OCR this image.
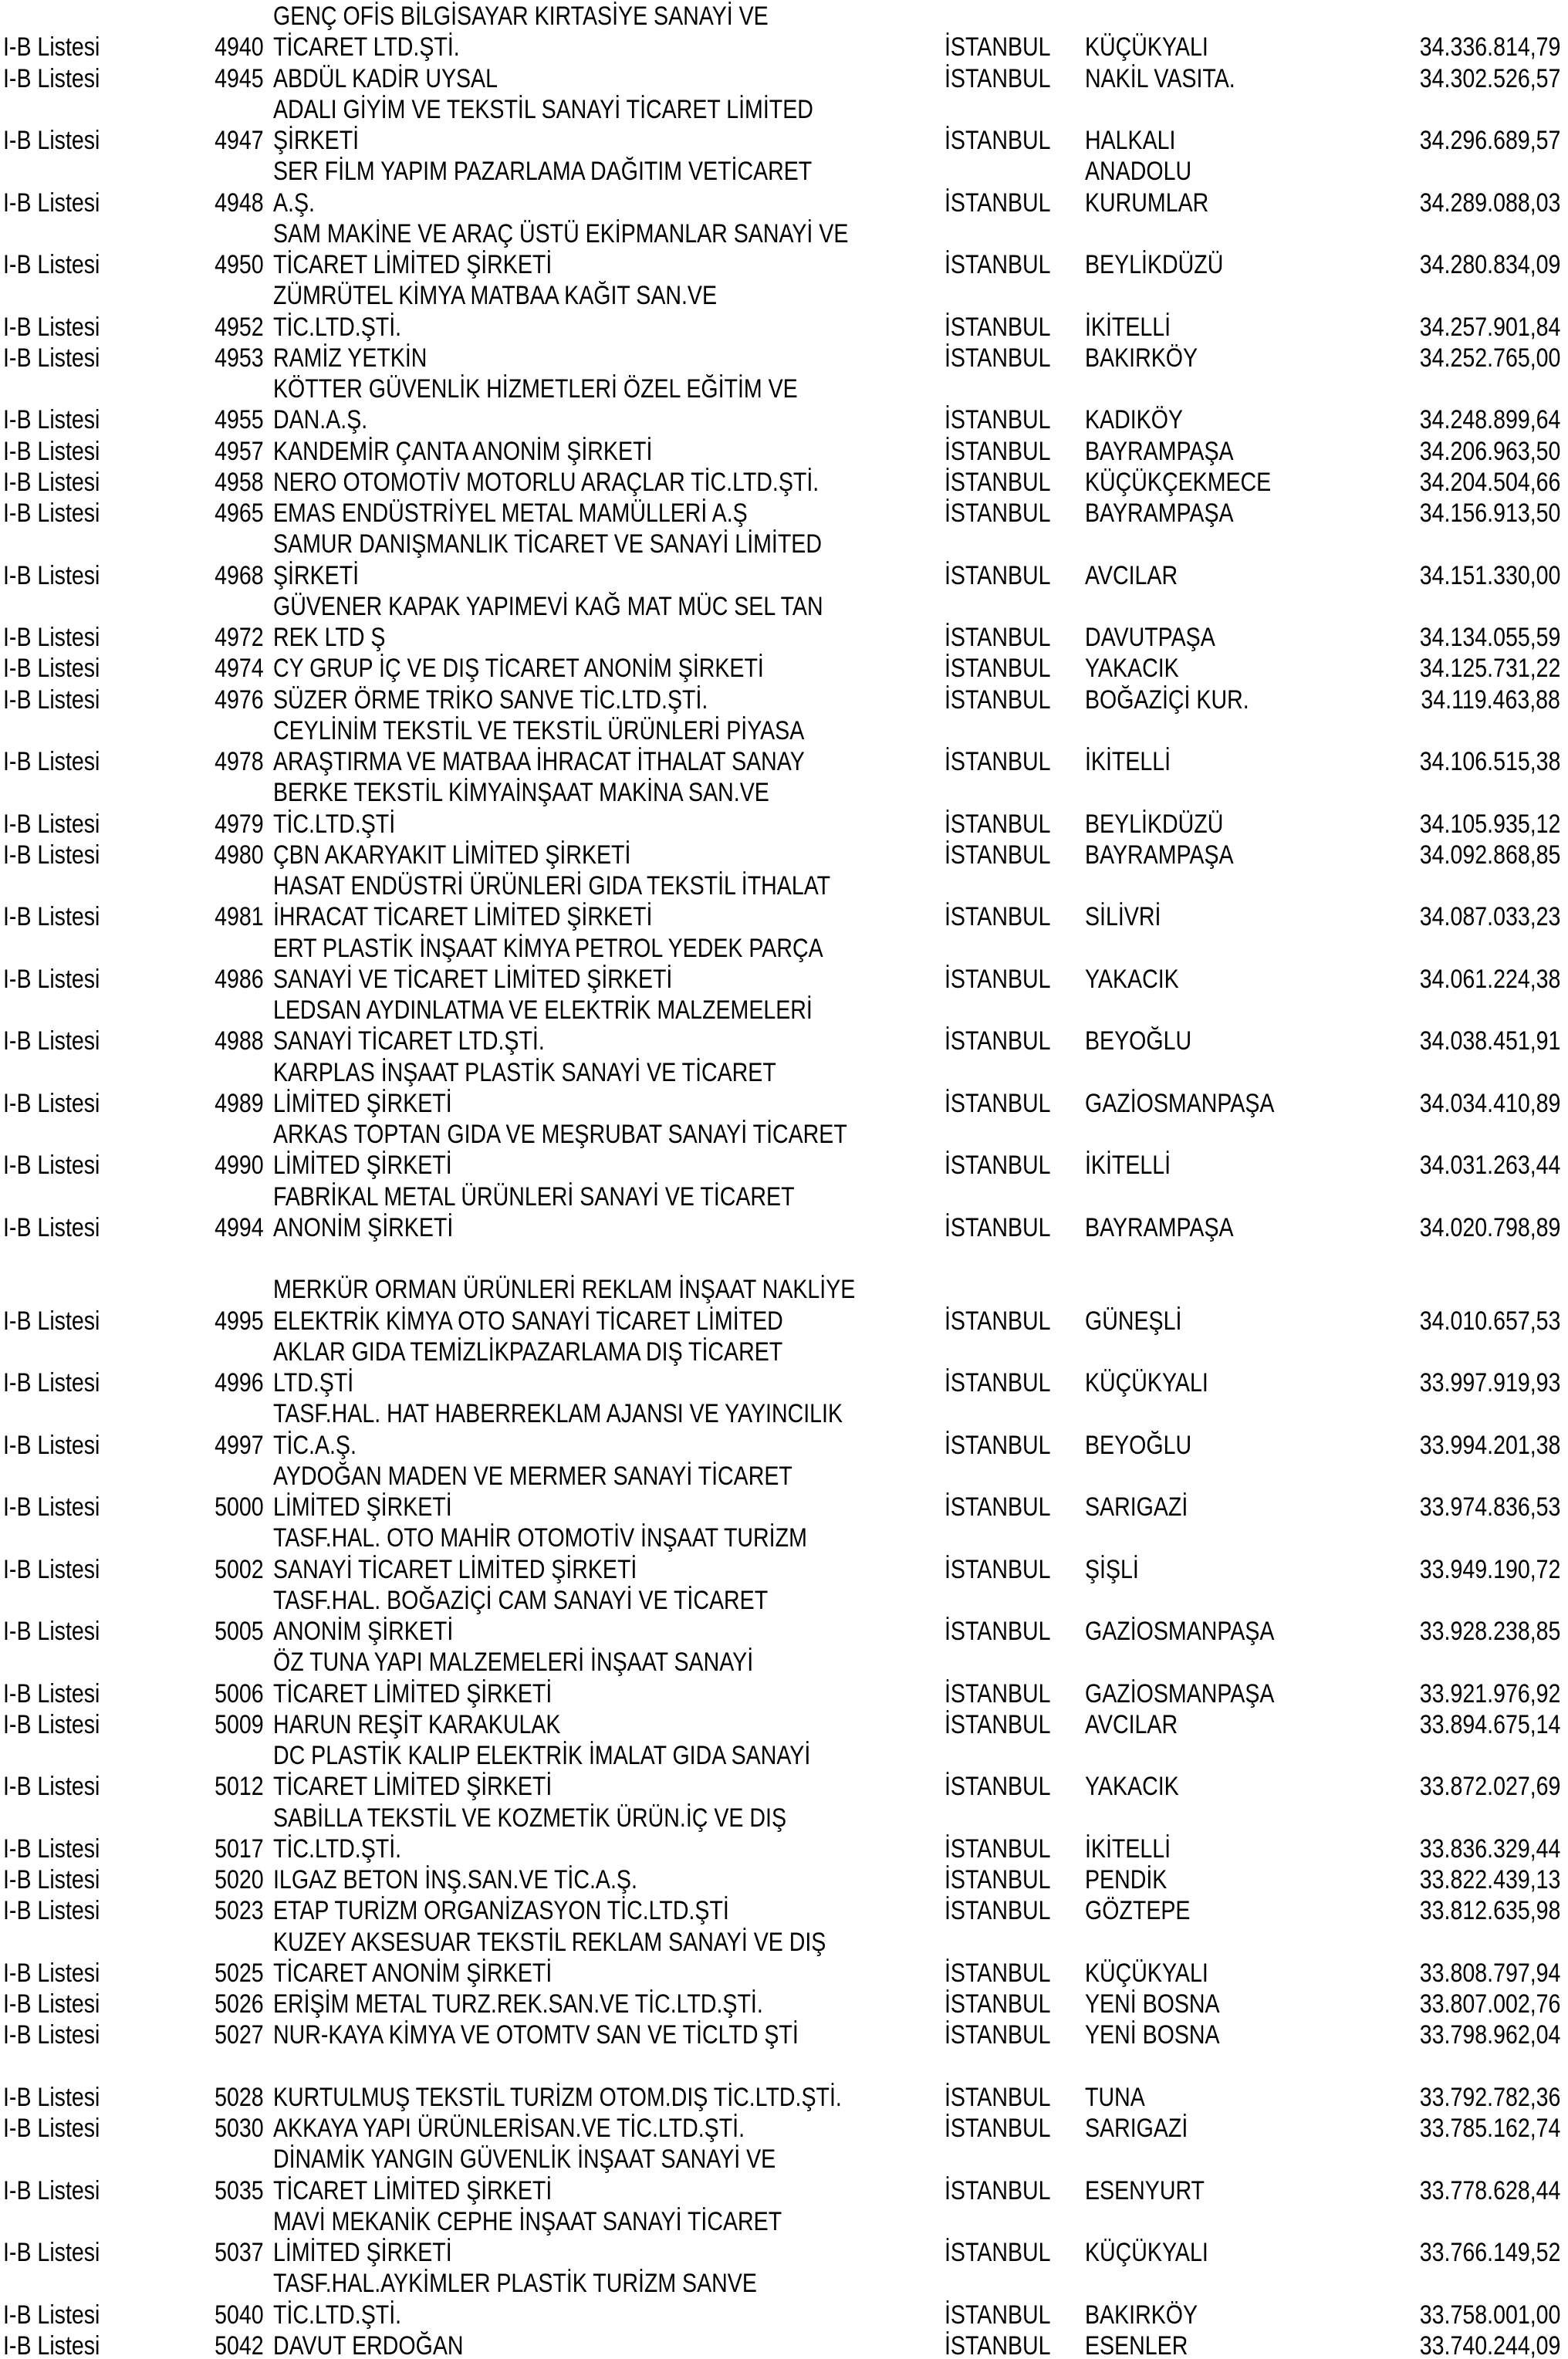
GENÇ OFİS BİLGİSAYAR KIRTASİYE SANAYİ VE
I-B Listesi	4940 TİCARET LTD.ŞTİ.	İSTANBUL	KÜÇÜKYALI	34.336.814,79
I-B Listesi	4945 ABDÜL KADİR UYSAL	İSTANBUL	NAKİL VASITA.	34.302.526,57
ADALI GİYİM VE TEKSTİL SANAYİ TİCARET LİMİTED
I-B Listesi	4947 ŞİRKETİ	İSTANBUL	HALKALI	34.296.689,57
SER FİLM YAPIM PAZARLAMA DAĞITIM VETİCARET	ANADOLU
I-B Listesi	4948 A.Ş.	İSTANBUL	KURUMLAR	34.289.088,03
SAM MAKİNE VE ARAÇ ÜSTÜ EKİPMANLAR SANAYİ VE
I-B Listesi	4950 TİCARET LİMİTED ŞİRKETİ	İSTANBUL	BEYLİKDÜZÜ	34.280.834,09
ZÜMRÜTEL KİMYA MATBAA KAĞIT SAN.VE
I-B Listesi	4952 TİC.LTD.ŞTİ.	İSTANBUL	İKİTELLİ	34.257.901,84
I-B Listesi	4953 RAMİZ YETKİN	İSTANBUL	BAKIRKÖY	34.252.765,00
KÖTTER GÜVENLİK HİZMETLERİ ÖZEL EĞİTİM VE
I-B Listesi	4955 DAN.A.Ş.	İSTANBUL	KADIKÖY	34.248.899,64
I-B Listesi	4957 KANDEMİR ÇANTA ANONİM ŞİRKETİ	İSTANBUL	BAYRAMPAŞA	34.206.963,50
I-B Listesi	4958 NERO OTOMOTİV MOTORLU ARAÇLAR TİC.LTD.ŞTİ.	İSTANBUL	KÜÇÜKÇEKMECE	34.204.504,66
I-B Listesi	4965 EMAS ENDÜSTRİYEL METAL MAMÜLLERİ A.Ş	İSTANBUL	BAYRAMPAŞA	34.156.913,50
SAMUR DANIŞMANLIK TİCARET VE SANAYİ LİMİTED
I-B Listesi	4968 ŞİRKETİ	İSTANBUL	AVCILAR	34.151.330,00
GÜVENER KAPAK YAPIMEVİ KAĞ MAT MÜC SEL TAN
I-B Listesi	4972 REK LTD Ş	İSTANBUL	DAVUTPAŞA	34.134.055,59
I-B Listesi	4974 CY GRUP İÇ VE DIŞ TİCARET ANONİM ŞİRKETİ	İSTANBUL	YAKACIK	34.125.731,22
I-B Listesi	4976 SÜZER ÖRME TRİKO SANVE TİC.LTD.ŞTİ.	İSTANBUL	BOĞAZİÇİ KUR.	34.119.463,88
CEYLİNİM TEKSTİL VE TEKSTİL ÜRÜNLERİ PİYASA
I-B Listesi	4978 ARAŞTIRMA VE MATBAA İHRACAT İTHALAT SANAY	İSTANBUL	İKİTELLİ	34.106.515,38
BERKE TEKSTİL KİMYAİNŞAAT MAKİNA SAN.VE
I-B Listesi	4979 TİC.LTD.ŞTİ	İSTANBUL	BEYLİKDÜZÜ	34.105.935,12
I-B Listesi	4980 ÇBN AKARYAKIT LİMİTED ŞİRKETİ	İSTANBUL	BAYRAMPAŞA	34.092.868,85
HASAT ENDÜSTRİ ÜRÜNLERİ GIDA TEKSTİL İTHALAT
I-B Listesi	4981 İHRACAT TİCARET LİMİTED ŞİRKETİ	İSTANBUL	SİLİVRİ	34.087.033,23
ERT PLASTİK İNŞAAT KİMYA PETROL YEDEK PARÇA
I-B Listesi	4986 SANAYİ VE TİCARET LİMİTED ŞİRKETİ	İSTANBUL	YAKACIK	34.061.224,38
LEDSAN AYDINLATMA VE ELEKTRİK MALZEMELERİ
I-B Listesi	4988 SANAYİ TİCARET LTD.ŞTİ.	İSTANBUL	BEYOĞLU	34.038.451,91
KARPLAS İNŞAAT PLASTİK SANAYİ VE TİCARET
I-B Listesi	4989 LİMİTED ŞİRKETİ	İSTANBUL	GAZİOSMANPAŞA	34.034.410,89
ARKAS TOPTAN GIDA VE MEŞRUBAT SANAYİ TİCARET
I-B Listesi	4990 LİMİTED ŞİRKETİ	İSTANBUL	İKİTELLİ	34.031.263,44
FABRİKAL METAL ÜRÜNLERİ SANAYİ VE TİCARET
I-B Listesi	4994 ANONİM ŞİRKETİ	İSTANBUL	BAYRAMPAŞA	34.020.798,89
MERKÜR ORMAN ÜRÜNLERİ REKLAM İNŞAAT NAKLİYE
I-B Listesi	4995 ELEKTRİK KİMYA OTO SANAYİ TİCARET LİMİTED	İSTANBUL	GÜNEŞLİ	34.010.657,53
AKLAR GIDA TEMİZLİKPAZARLAMA DIŞ TİCARET
I-B Listesi	4996 LTD.ŞTİ	İSTANBUL	KÜÇÜKYALI	33.997.919,93
TASF.HAL. HAT HABERREKLAM AJANSI VE YAYINCILIK
I-B Listesi	4997 TİC.A.Ş.	İSTANBUL	BEYOĞLU	33.994.201,38
AYDOĞAN MADEN VE MERMER SANAYİ TİCARET
I-B Listesi	5000 LİMİTED ŞİRKETİ	İSTANBUL	SARIGAZİ	33.974.836,53
TASF.HAL. OTO MAHİR OTOMOTİV İNŞAAT TURİZM
I-B Listesi	5002 SANAYİ TİCARET LİMİTED ŞİRKETİ	İSTANBUL	ŞİŞLİ	33.949.190,72
TASF.HAL. BOĞAZİÇİ CAM SANAYİ VE TİCARET
I-B Listesi	5005 ANONİM ŞİRKETİ	İSTANBUL	GAZİOSMANPAŞA	33.928.238,85
ÖZ TUNA YAPI MALZEMELERİ İNŞAAT SANAYİ
I-B Listesi	5006 TİCARET LİMİTED ŞİRKETİ	İSTANBUL	GAZİOSMANPAŞA	33.921.976,92
I-B Listesi	5009 HARUN REŞİT KARAKULAK	İSTANBUL	AVCILAR	33.894.675,14
DC PLASTİK KALIP ELEKTRİK İMALAT GIDA SANAYİ
I-B Listesi	5012 TİCARET LİMİTED ŞİRKETİ	İSTANBUL	YAKACIK	33.872.027,69
SABİLLA TEKSTİL VE KOZMETİK ÜRÜN.İÇ VE DIŞ
I-B Listesi	5017 TİC.LTD.ŞTİ.	İSTANBUL	İKİTELLİ	33.836.329,44
I-B Listesi	5020 ILGAZ BETON İNŞ.SAN.VE TİC.A.Ş.	İSTANBUL	PENDİK	33.822.439,13
I-B Listesi	5023 ETAP TURİZM ORGANİZASYON TİC.LTD.ŞTİ	İSTANBUL	GÖZTEPE	33.812.635,98
KUZEY AKSESUAR TEKSTİL REKLAM SANAYİ VE DIŞ
I-B Listesi	5025 TİCARET ANONİM ŞİRKETİ	İSTANBUL	KÜÇÜKYALI	33.808.797,94
I-B Listesi	5026 ERİŞİM METAL TURZ.REK.SAN.VE TİC.LTD.ŞTİ.	İSTANBUL	YENİ BOSNA	33.807.002,76
I-B Listesi	5027 NUR-KAYA KİMYA VE OTOMTV SAN VE TİCLTD ŞTİ	İSTANBUL	YENİ BOSNA	33.798.962,04
I-B Listesi	5028 KURTULMUŞ TEKSTİL TURİZM OTOM.DIŞ TİC.LTD.ŞTİ.	İSTANBUL	TUNA	33.792.782,36
I-B Listesi	5030 AKKAYA YAPI ÜRÜNLERİSAN.VE TİC.LTD.ŞTİ.	İSTANBUL	SARIGAZİ	33.785.162,74
DİNAMİK YANGIN GÜVENLİK İNŞAAT SANAYİ VE
I-B Listesi	5035 TİCARET LİMİTED ŞİRKETİ	İSTANBUL	ESENYURT	33.778.628,44
MAVİ MEKANİK CEPHE İNŞAAT SANAYİ TİCARET
I-B Listesi	5037 LİMİTED ŞİRKETİ	İSTANBUL	KÜÇÜKYALI	33.766.149,52
TASF.HAL.AYKİMLER PLASTİK TURİZM SANVE
I-B Listesi	5040 TİC.LTD.ŞTİ.	İSTANBUL	BAKIRKÖY	33.758.001,00
I-B Listesi	5042 DAVUT ERDOĞAN	İSTANBUL	ESENLER	33.740.244,09
